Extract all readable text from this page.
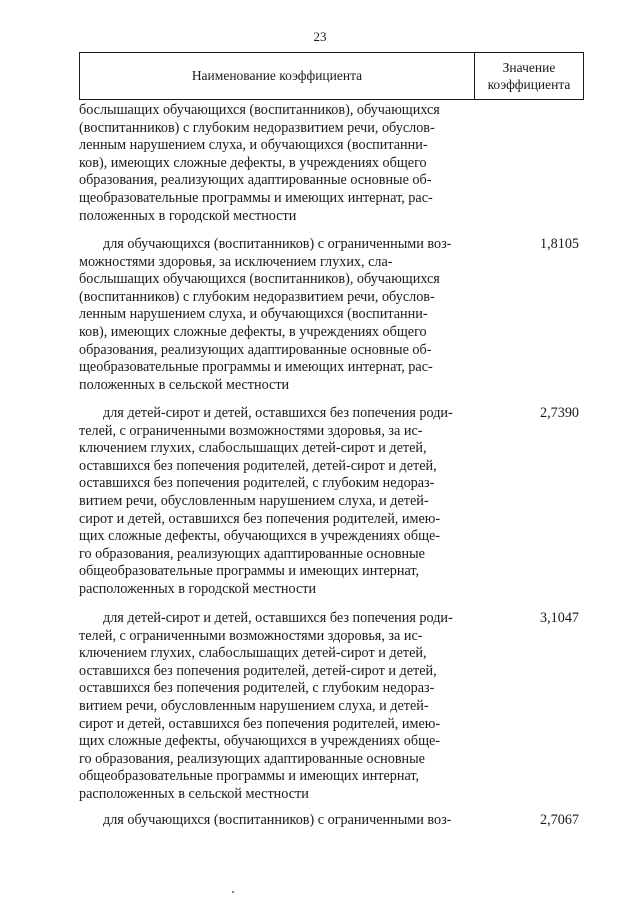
23
Наименование коэффициента
Значение
коэффициента
бослышащих обучающихся (воспитанников), обучающихся
(воспитанников) с глубоким недоразвитием речи, обуслов-
ленным нарушением слуха, и обучающихся (воспитанни-
ков), имеющих сложные дефекты, в учреждениях общего
образования, реализующих адаптированные основные об-
щеобразовательные программы и имеющих интернат, рас-
положенных в городской местности
для обучающихся (воспитанников) с ограниченными воз-
можностями здоровья, за исключением глухих, сла-
бослышащих обучающихся (воспитанников), обучающихся
(воспитанников) с глубоким недоразвитием речи, обуслов-
ленным нарушением слуха, и обучающихся (воспитанни-
ков), имеющих сложные дефекты, в учреждениях общего
образования, реализующих адаптированные основные об-
щеобразовательные программы и имеющих интернат, рас-
положенных в сельской местности
1,8105
для детей-сирот и детей, оставшихся без попечения роди-
телей, с ограниченными возможностями здоровья, за ис-
ключением глухих, слабослышащих детей-сирот и детей,
оставшихся без попечения родителей, детей-сирот и детей,
оставшихся без попечения родителей, с глубоким недораз-
витием речи, обусловленным нарушением слуха, и детей-
сирот и детей, оставшихся без попечения родителей, имею-
щих сложные дефекты, обучающихся в учреждениях обще-
го образования, реализующих адаптированные основные
общеобразовательные программы и имеющих интернат,
расположенных в городской местности
2,7390
для детей-сирот и детей, оставшихся без попечения роди-
телей, с ограниченными возможностями здоровья, за ис-
ключением глухих, слабослышащих детей-сирот и детей,
оставшихся без попечения родителей, детей-сирот и детей,
оставшихся без попечения родителей, с глубоким недораз-
витием речи, обусловленным нарушением слуха, и детей-
сирот и детей, оставшихся без попечения родителей, имею-
щих сложные дефекты, обучающихся в учреждениях обще-
го образования, реализующих адаптированные основные
общеобразовательные программы и имеющих интернат,
расположенных в сельской местности
3,1047
для обучающихся (воспитанников) с ограниченными воз-	2,7067
